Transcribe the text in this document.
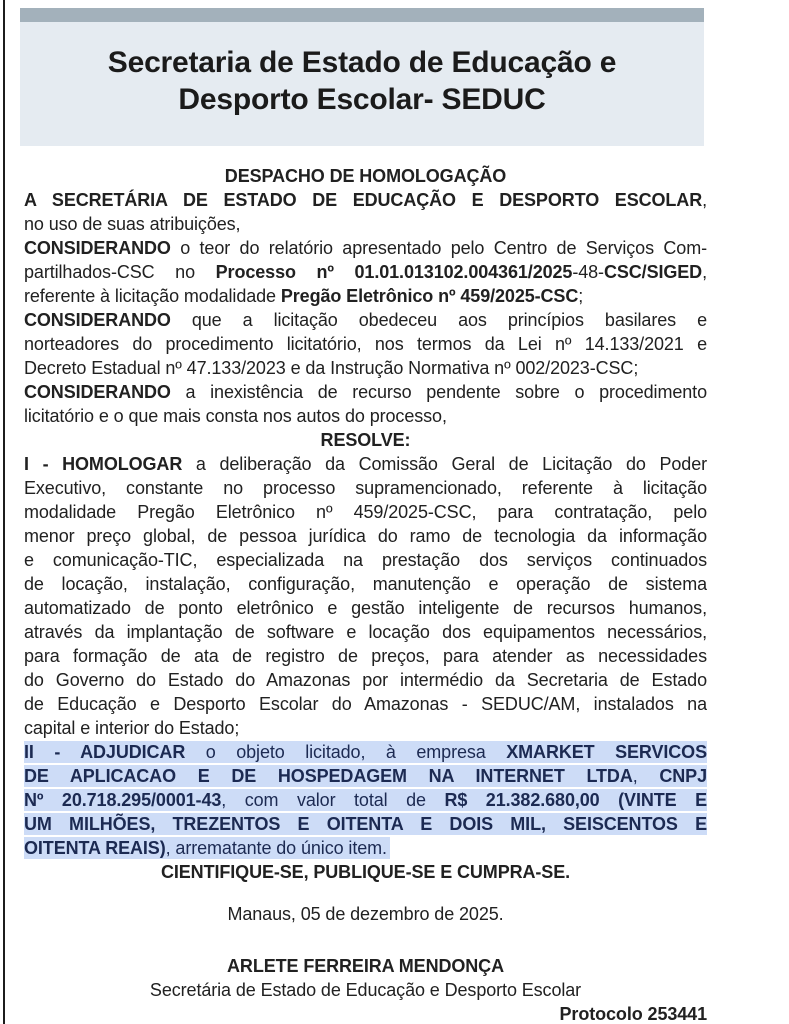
Secretaria de Estado de Educação e
Desporto Escolar- SEDUC
DESPACHO DE HOMOLOGAÇÃO
A SECRETÁRIA DE ESTADO DE EDUCAÇÃO E DESPORTO ESCOLAR,
no uso de suas atribuições,
CONSIDERANDO o teor do relatório apresentado pelo Centro de Serviços Com-
partilhados-CSC no Processo nº 01.01.013102.004361/2025-48-CSC/SIGED,
referente à licitação modalidade Pregão Eletrônico nº 459/2025-CSC;
CONSIDERANDO que a licitação obedeceu aos princípios basilares e
norteadores do procedimento licitatório, nos termos da Lei nº 14.133/2021 e
Decreto Estadual nº 47.133/2023 e da Instrução Normativa nº 002/2023-CSC;
CONSIDERANDO a inexistência de recurso pendente sobre o procedimento
licitatório e o que mais consta nos autos do processo,
RESOLVE:
I - HOMOLOGAR a deliberação da Comissão Geral de Licitação do Poder
Executivo, constante no processo supramencionado, referente à licitação
modalidade Pregão Eletrônico nº 459/2025-CSC, para contratação, pelo
menor preço global, de pessoa jurídica do ramo de tecnologia da informação
e comunicação-TIC, especializada na prestação dos serviços continuados
de locação, instalação, configuração, manutenção e operação de sistema
automatizado de ponto eletrônico e gestão inteligente de recursos humanos,
através da implantação de software e locação dos equipamentos necessários,
para formação de ata de registro de preços, para atender as necessidades
do Governo do Estado do Amazonas por intermédio da Secretaria de Estado
de Educação e Desporto Escolar do Amazonas - SEDUC/AM, instalados na
capital e interior do Estado;
II - ADJUDICAR o objeto licitado, à empresa XMARKET SERVICOS
DE APLICACAO E DE HOSPEDAGEM NA INTERNET LTDA, CNPJ
Nº 20.718.295/0001-43, com valor total de R$ 21.382.680,00 (VINTE E
UM MILHÕES, TREZENTOS E OITENTA E DOIS MIL, SEISCENTOS E
OITENTA REAIS), arrematante do único item.
CIENTIFIQUE-SE, PUBLIQUE-SE E CUMPRA-SE.
Manaus, 05 de dezembro de 2025.
ARLETE FERREIRA MENDONÇA
Secretária de Estado de Educação e Desporto Escolar
Protocolo 253441
